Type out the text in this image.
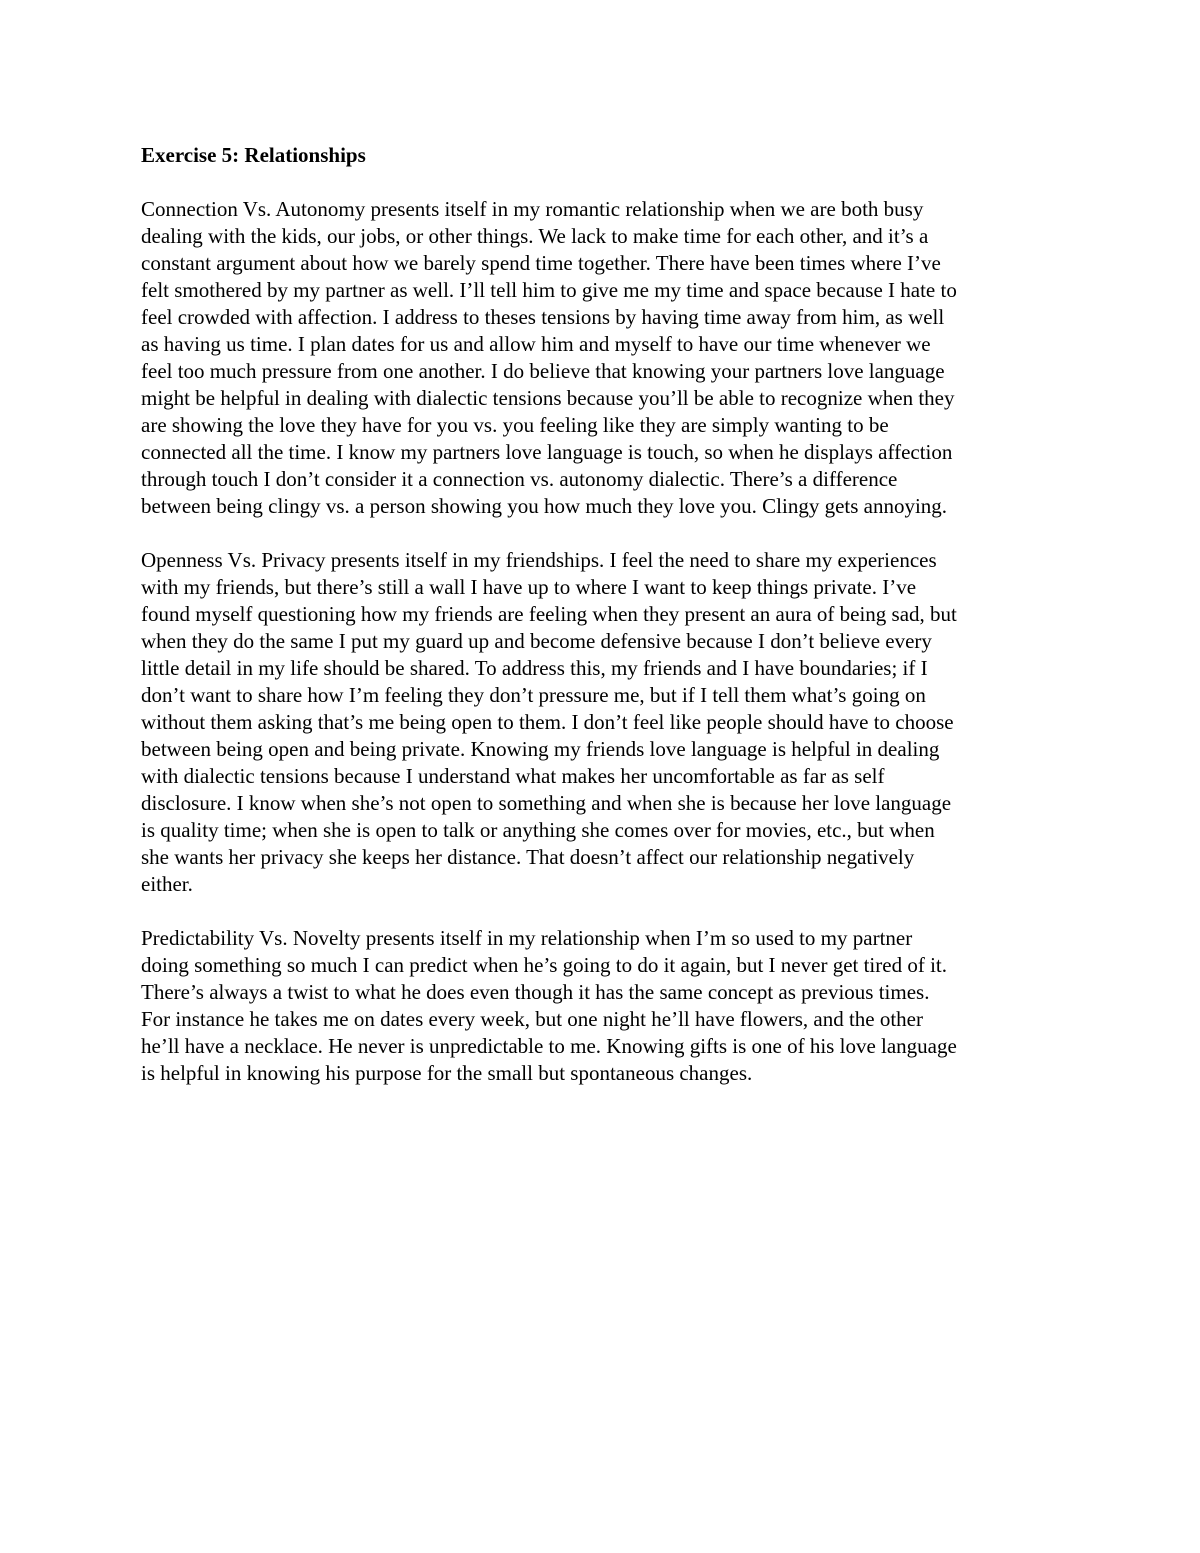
Exercise 5: Relationships
Connection Vs. Autonomy presents itself in my romantic relationship when we are both busy
dealing with the kids, our jobs, or other things. We lack to make time for each other, and it’s a
constant argument about how we barely spend time together. There have been times where I’ve
felt smothered by my partner as well. I’ll tell him to give me my time and space because I hate to
feel crowded with affection. I address to theses tensions by having time away from him, as well
as having us time. I plan dates for us and allow him and myself to have our time whenever we
feel too much pressure from one another. I do believe that knowing your partners love language
might be helpful in dealing with dialectic tensions because you’ll be able to recognize when they
are showing the love they have for you vs. you feeling like they are simply wanting to be
connected all the time. I know my partners love language is touch, so when he displays affection
through touch I don’t consider it a connection vs. autonomy dialectic. There’s a difference
between being clingy vs. a person showing you how much they love you. Clingy gets annoying.
Openness Vs. Privacy presents itself in my friendships. I feel the need to share my experiences
with my friends, but there’s still a wall I have up to where I want to keep things private. I’ve
found myself questioning how my friends are feeling when they present an aura of being sad, but
when they do the same I put my guard up and become defensive because I don’t believe every
little detail in my life should be shared. To address this, my friends and I have boundaries; if I
don’t want to share how I’m feeling they don’t pressure me, but if I tell them what’s going on
without them asking that’s me being open to them. I don’t feel like people should have to choose
between being open and being private. Knowing my friends love language is helpful in dealing
with dialectic tensions because I understand what makes her uncomfortable as far as self
disclosure. I know when she’s not open to something and when she is because her love language
is quality time; when she is open to talk or anything she comes over for movies, etc., but when
she wants her privacy she keeps her distance. That doesn’t affect our relationship negatively
either.
Predictability Vs. Novelty presents itself in my relationship when I’m so used to my partner
doing something so much I can predict when he’s going to do it again, but I never get tired of it.
There’s always a twist to what he does even though it has the same concept as previous times.
For instance he takes me on dates every week, but one night he’ll have flowers, and the other
he’ll have a necklace. He never is unpredictable to me. Knowing gifts is one of his love language
is helpful in knowing his purpose for the small but spontaneous changes.
